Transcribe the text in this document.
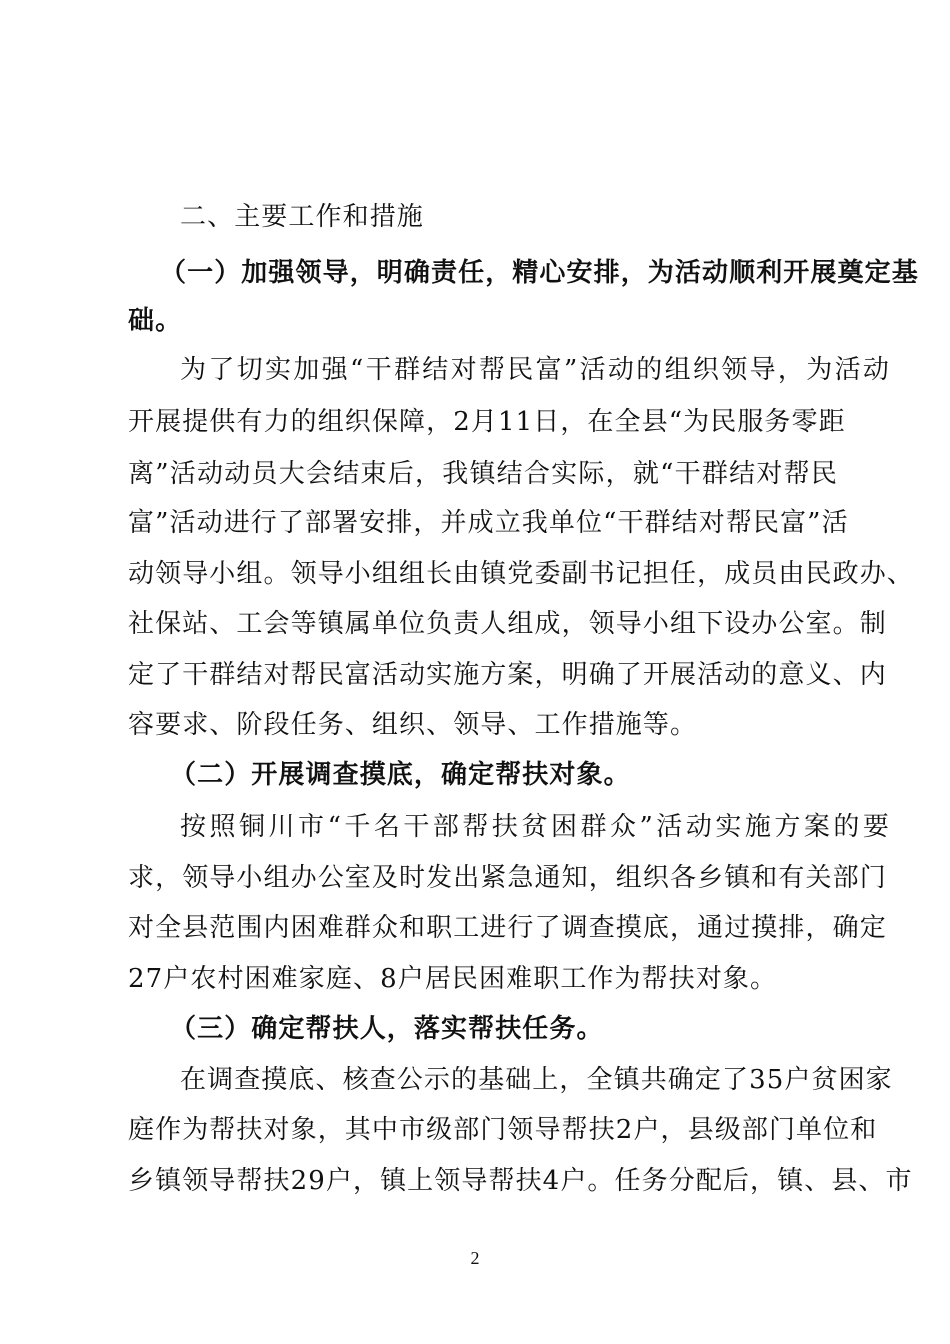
二、主要工作和措施
（一）加强领导，明确责任，精心安排，为活动顺利开展奠定基
础。
为了切实加强“干群结对帮民富”活动的组织领导，为活动
开展提供有力的组织保障，2月11日，在全县“为民服务零距
离”活动动员大会结束后，我镇结合实际，就“干群结对帮民
富”活动进行了部署安排，并成立我单位“干群结对帮民富”活
动领导小组。领导小组组长由镇党委副书记担任，成员由民政办、
社保站、工会等镇属单位负责人组成，领导小组下设办公室。制
定了干群结对帮民富活动实施方案，明确了开展活动的意义、内
容要求、阶段任务、组织、领导、工作措施等。
（二）开展调查摸底，确定帮扶对象。
按照铜川市“千名干部帮扶贫困群众”活动实施方案的要
求，领导小组办公室及时发出紧急通知，组织各乡镇和有关部门
对全县范围内困难群众和职工进行了调查摸底，通过摸排，确定
27户农村困难家庭、8户居民困难职工作为帮扶对象。
（三）确定帮扶人，落实帮扶任务。
在调查摸底、核查公示的基础上，全镇共确定了35户贫困家
庭作为帮扶对象，其中市级部门领导帮扶2户，县级部门单位和
乡镇领导帮扶29户，镇上领导帮扶4户。任务分配后，镇、县、市
2
